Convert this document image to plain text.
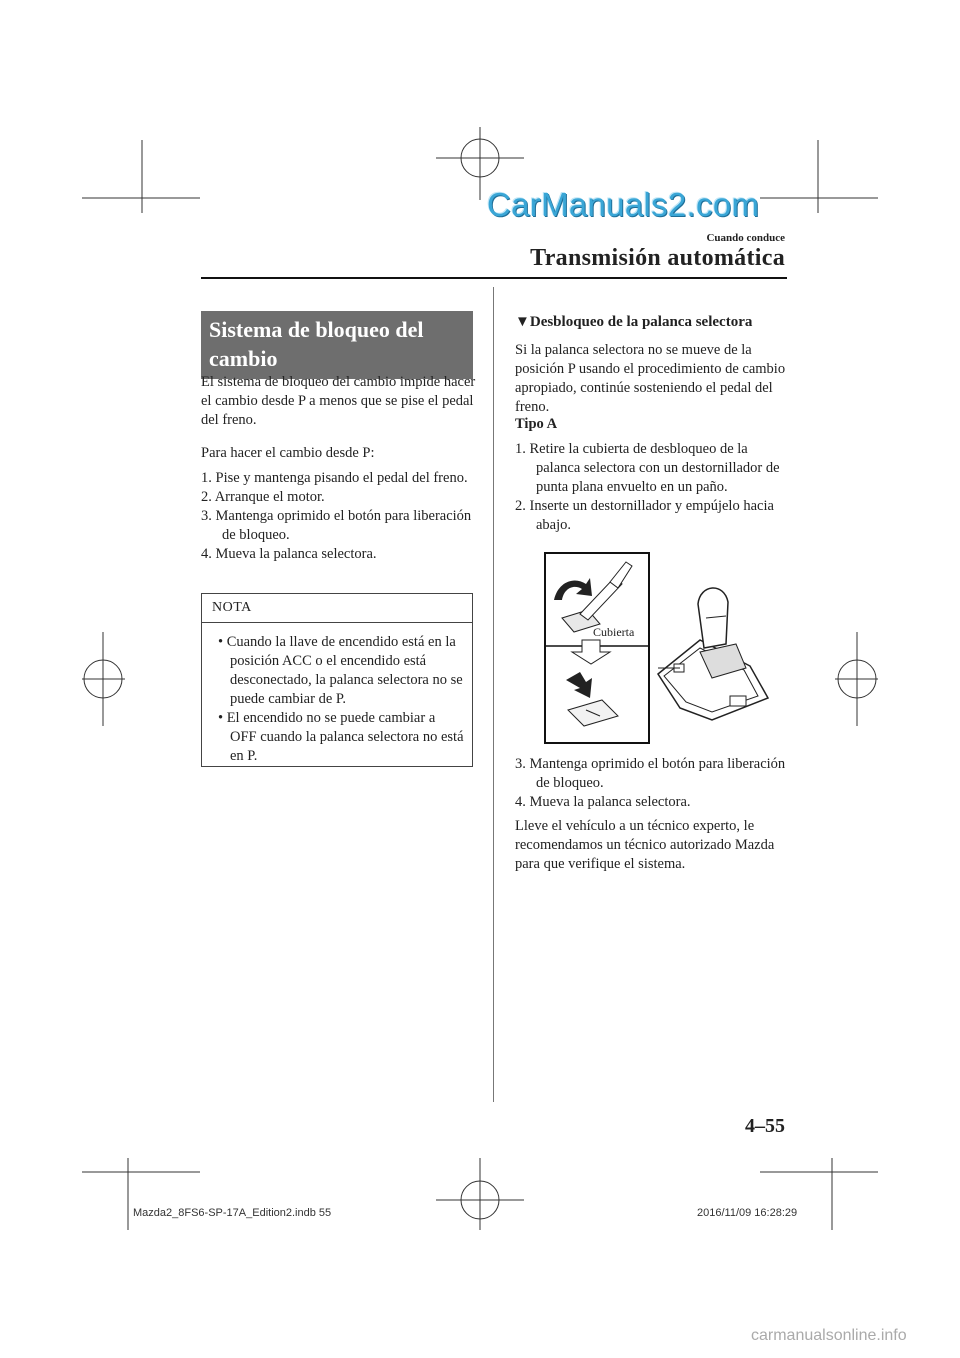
CarManuals2.com
Cuando conduce
Transmisión automática
Sistema de bloqueo del cambio
El sistema de bloqueo del cambio impide hacer el cambio desde P a menos que se pise el pedal del freno.
Para hacer el cambio desde P:
1. Pise y mantenga pisando el pedal del freno.
2. Arranque el motor.
3. Mantenga oprimido el botón para liberación de bloqueo.
4. Mueva la palanca selectora.
NOTA
• Cuando la llave de encendido está en la posición ACC o el encendido está desconectado, la palanca selectora no se puede cambiar de P.
• El encendido no se puede cambiar a OFF cuando la palanca selectora no está en P.
▼Desbloqueo de la palanca selectora
Si la palanca selectora no se mueve de la posición P usando el procedimiento de cambio apropiado, continúe sosteniendo el pedal del freno.
Tipo A
1. Retire la cubierta de desbloqueo de la palanca selectora con un destornillador de punta plana envuelto en un paño.
2. Inserte un destornillador y empújelo hacia abajo.
Cubierta
3. Mantenga oprimido el botón para liberación de bloqueo.
4. Mueva la palanca selectora.
Lleve el vehículo a un técnico experto, le recomendamos un técnico autorizado Mazda para que verifique el sistema.
4–55
Mazda2_8FS6-SP-17A_Edition2.indb 55	2016/11/09 16:28:29
carmanualsonline.info
